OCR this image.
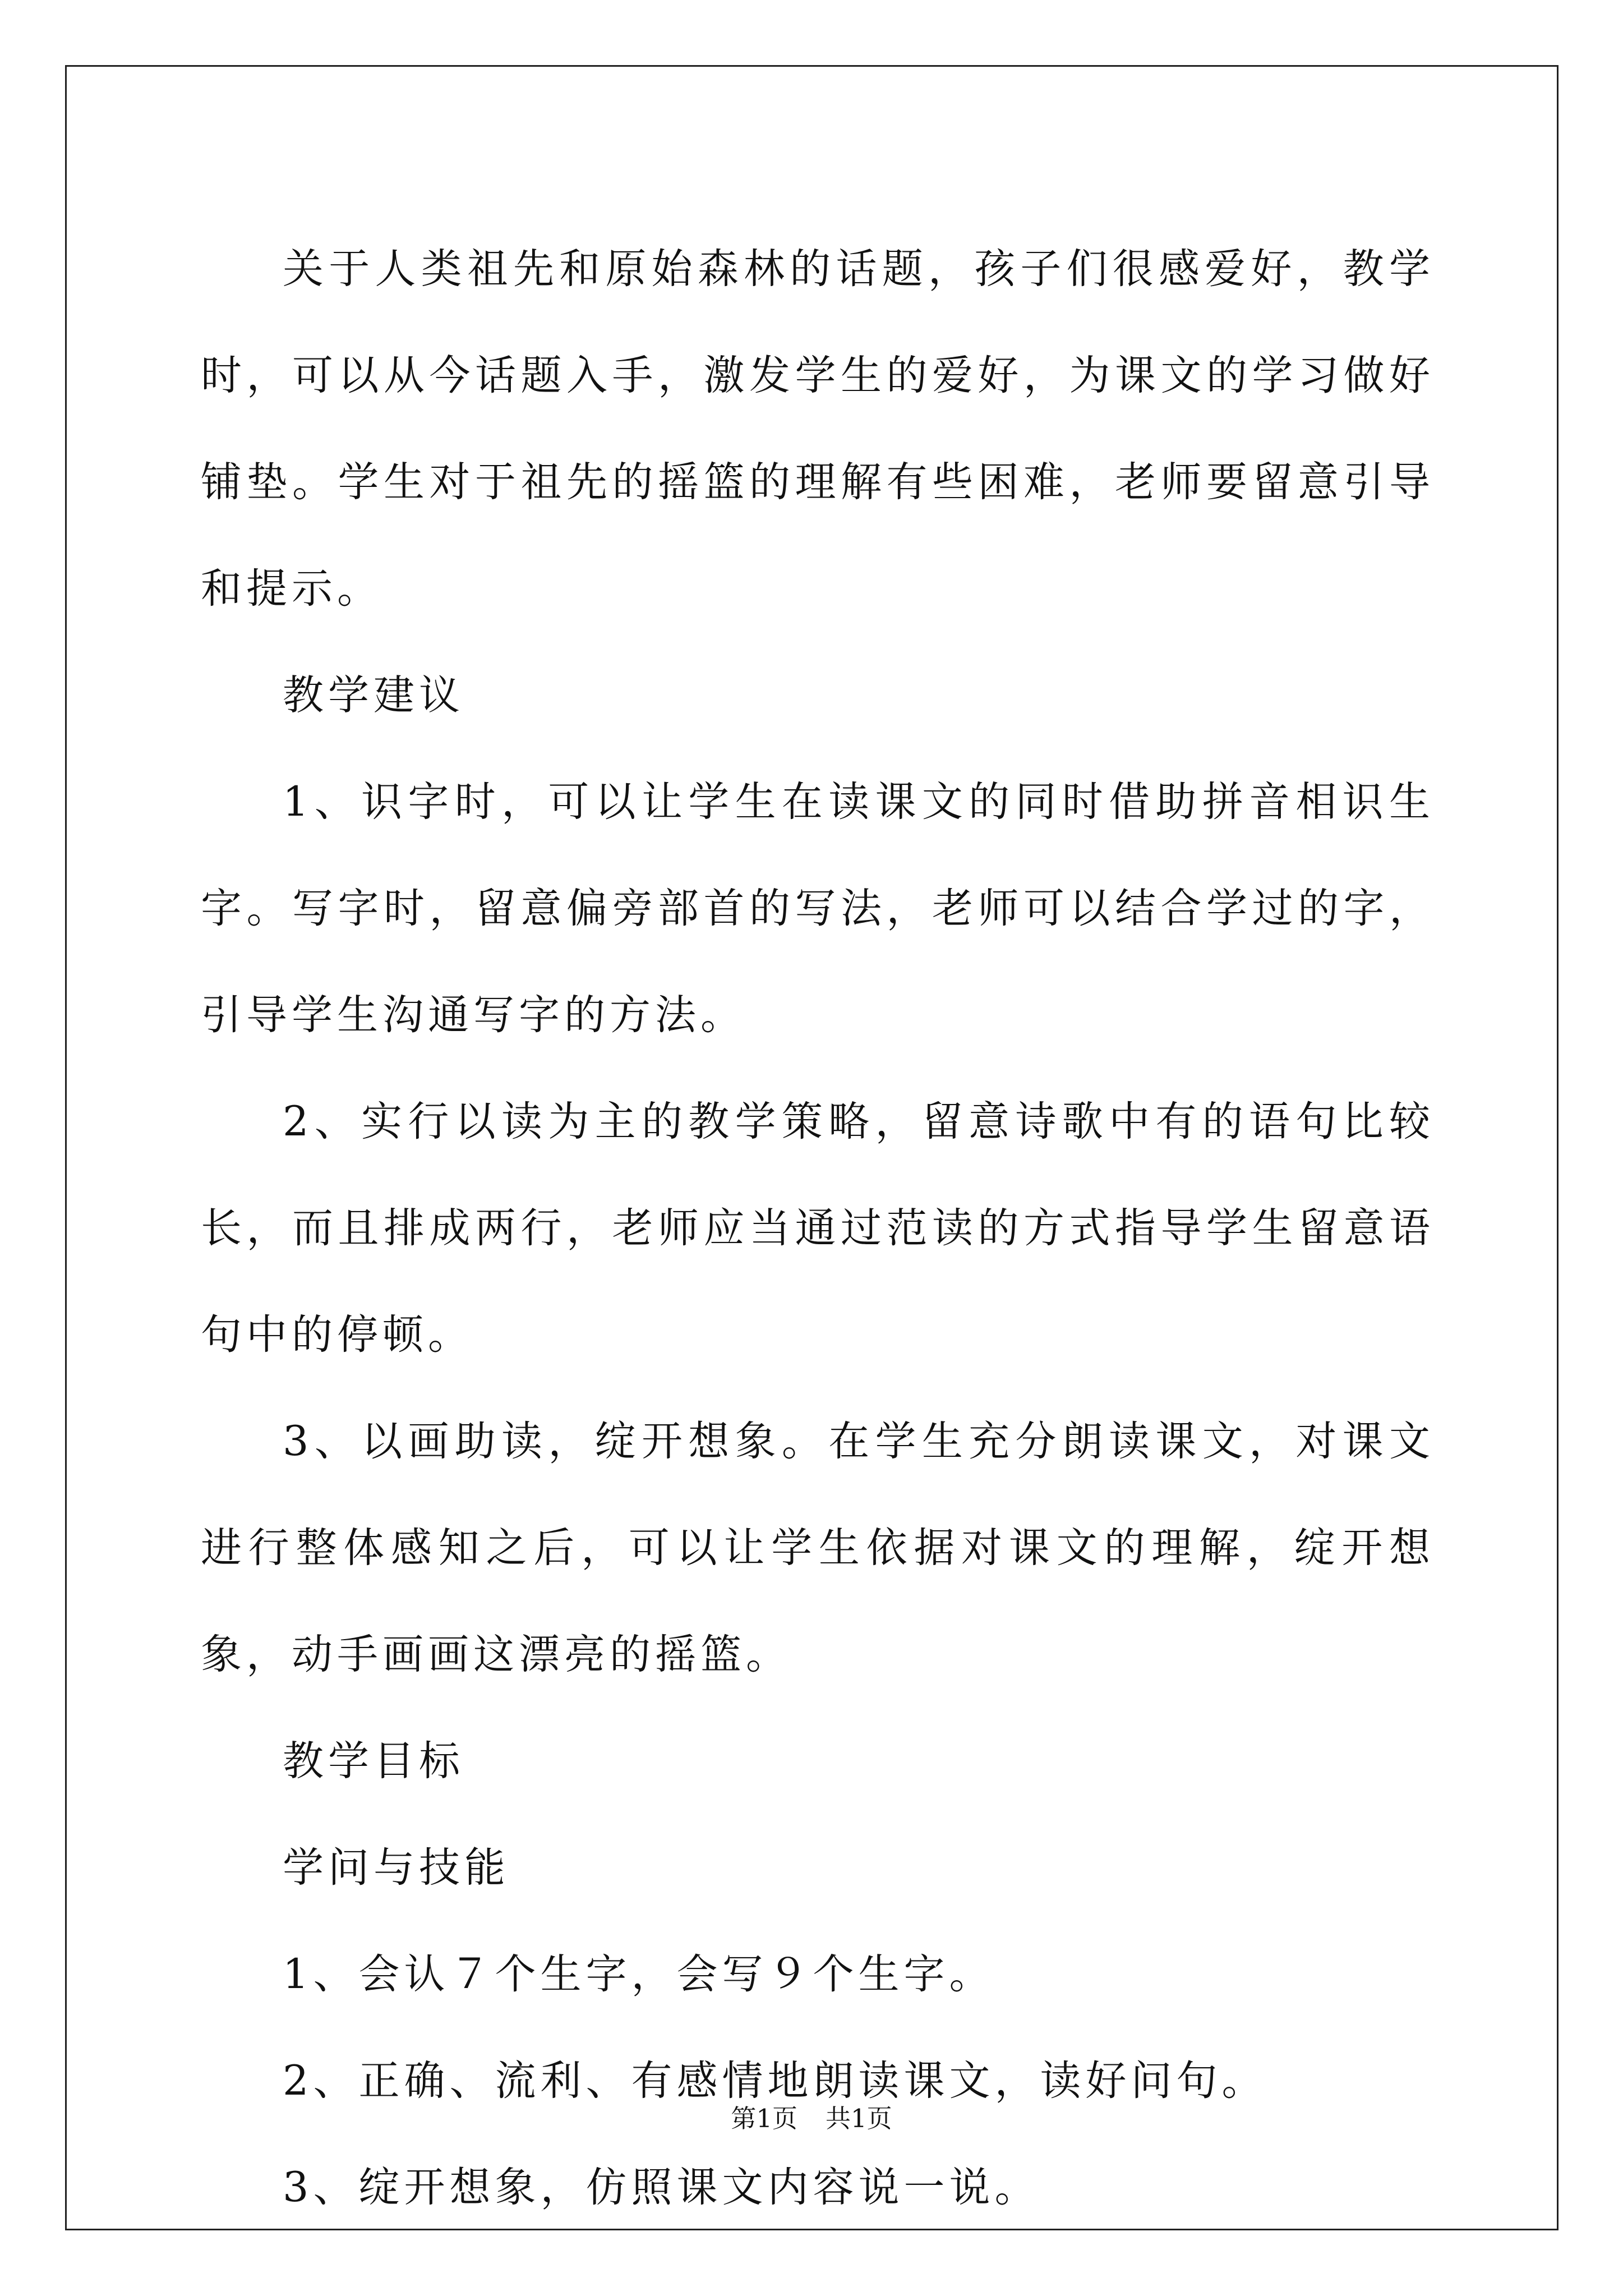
关于人类祖先和原始森林的话题，孩子们很感爱好，教学时，可以从今话题入手，激发学生的爱好，为课文的学习做好铺垫。学生对于祖先的摇篮的理解有些困难，老师要留意引导和提示。

教学建议

1、识字时，可以让学生在读课文的同时借助拼音相识生字。写字时，留意偏旁部首的写法，老师可以结合学过的字，引导学生沟通写字的方法。

2、实行以读为主的教学策略，留意诗歌中有的语句比较长，而且排成两行，老师应当通过范读的方式指导学生留意语句中的停顿。

3、以画助读，绽开想象。在学生充分朗读课文，对课文进行整体感知之后，可以让学生依据对课文的理解，绽开想象，动手画画这漂亮的摇篮。

教学目标

学问与技能

1、会认７个生字，会写９个生字。

2、正确、流利、有感情地朗读课文，读好问句。

3、绽开想象，仿照课文内容说一说。

第1页 共1页
